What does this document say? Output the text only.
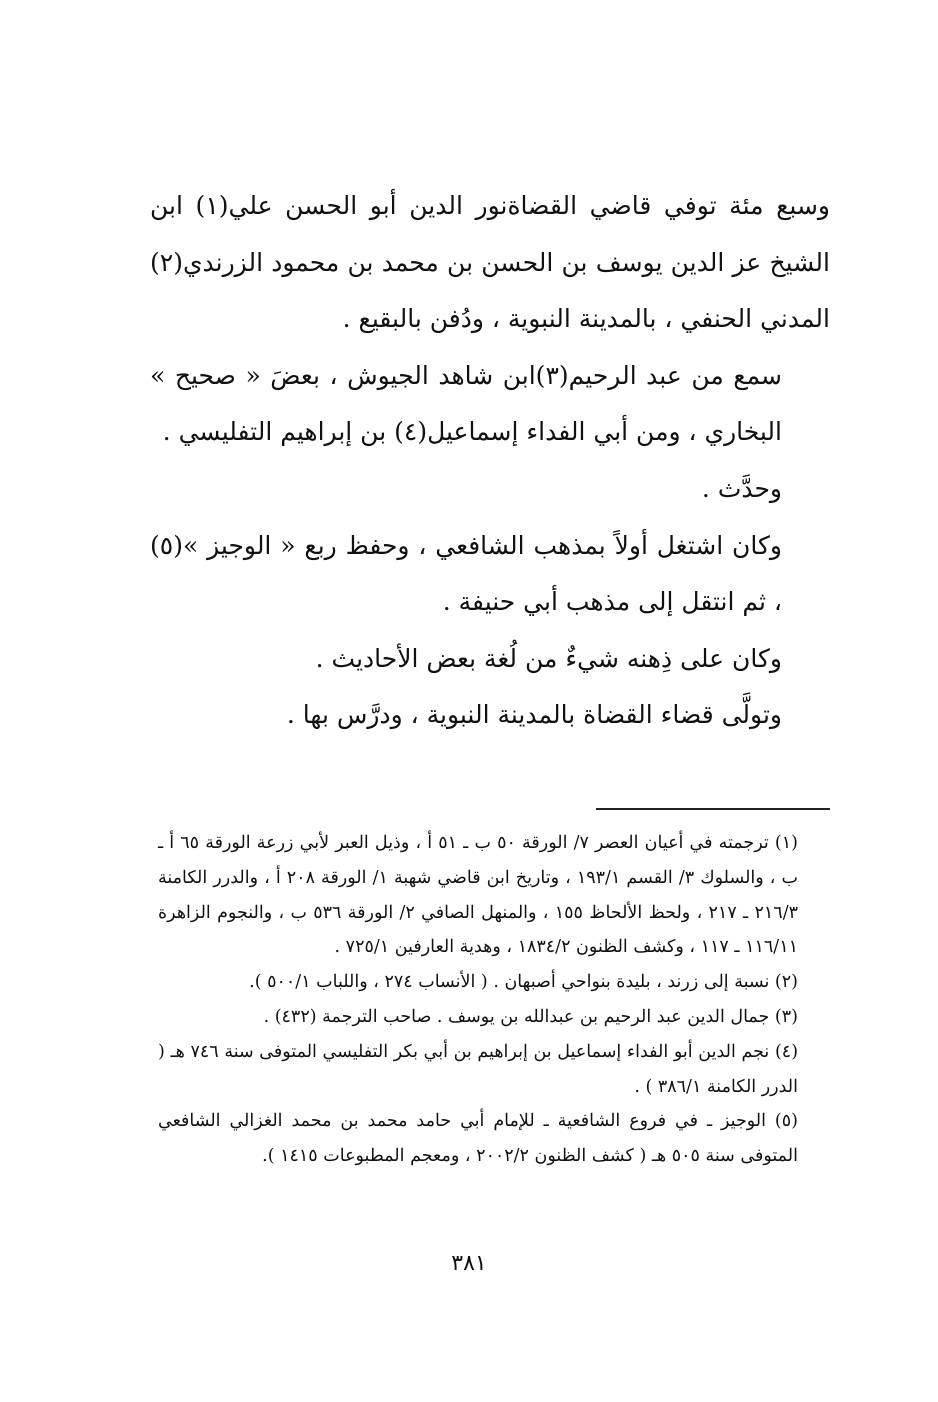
وسبع مئة توفي قاضي القضاةنور الدين أبو الحسن علي(١) ابن الشيخ عز الدين يوسف بن الحسن بن محمد بن محمود الزرندي(٢) المدني الحنفي ، بالمدينة النبوية ، ودُفن بالبقيع .

سمع من عبد الرحيم(٣)ابن شاهد الجيوش ، بعضَ « صحيح » البخاري ، ومن أبي الفداء إسماعيل(٤) بن إبراهيم التفليسي .

وحدَّث .

وكان اشتغل أولاً بمذهب الشافعي ، وحفظ ربع « الوجيز »(٥) ، ثم انتقل إلى مذهب أبي حنيفة .

وكان على ذِهنه شيءٌ من لُغة بعض الأحاديث .

وتولَّى قضاء القضاة بالمدينة النبوية ، ودرَّس بها .

(١) ترجمته في أعيان العصر ٧/ الورقة ٥٠ ب ـ ٥١ أ ، وذيل العبر لأبي زرعة الورقة ٦٥ أ ـ ب ، والسلوك ٣/ القسم ١٩٣/١ ، وتاريخ ابن قاضي شهبة ١/ الورقة ٢٠٨ أ ، والدرر الكامنة ٢١٦/٣ ـ ٢١٧ ، ولحظ الألحاظ ١٥٥ ، والمنهل الصافي ٢/ الورقة ٥٣٦ ب ، والنجوم الزاهرة ١١٦/١١ ـ ١١٧ ، وكشف الظنون ١٨٣٤/٢ ، وهدية العارفين ٧٢٥/١ .

(٢) نسبة إلى زرند ، بليدة بنواحي أصبهان . ( الأنساب ٢٧٤ ، واللباب ٥٠٠/١ ).

(٣) جمال الدين عبد الرحيم بن عبدالله بن يوسف . صاحب الترجمة (٤٣٢) .

(٤) نجم الدين أبو الفداء إسماعيل بن إبراهيم بن أبي بكر التفليسي المتوفى سنة ٧٤٦ هـ ( الدرر الكامنة ٣٨٦/١ ) .

(٥) الوجيز ـ في فروع الشافعية ـ للإمام أبي حامد محمد بن محمد الغزالي الشافعي المتوفى سنة ٥٠٥ هـ ( كشف الظنون ٢٠٠٢/٢ ، ومعجم المطبوعات ١٤١٥ ).

٣٨١
